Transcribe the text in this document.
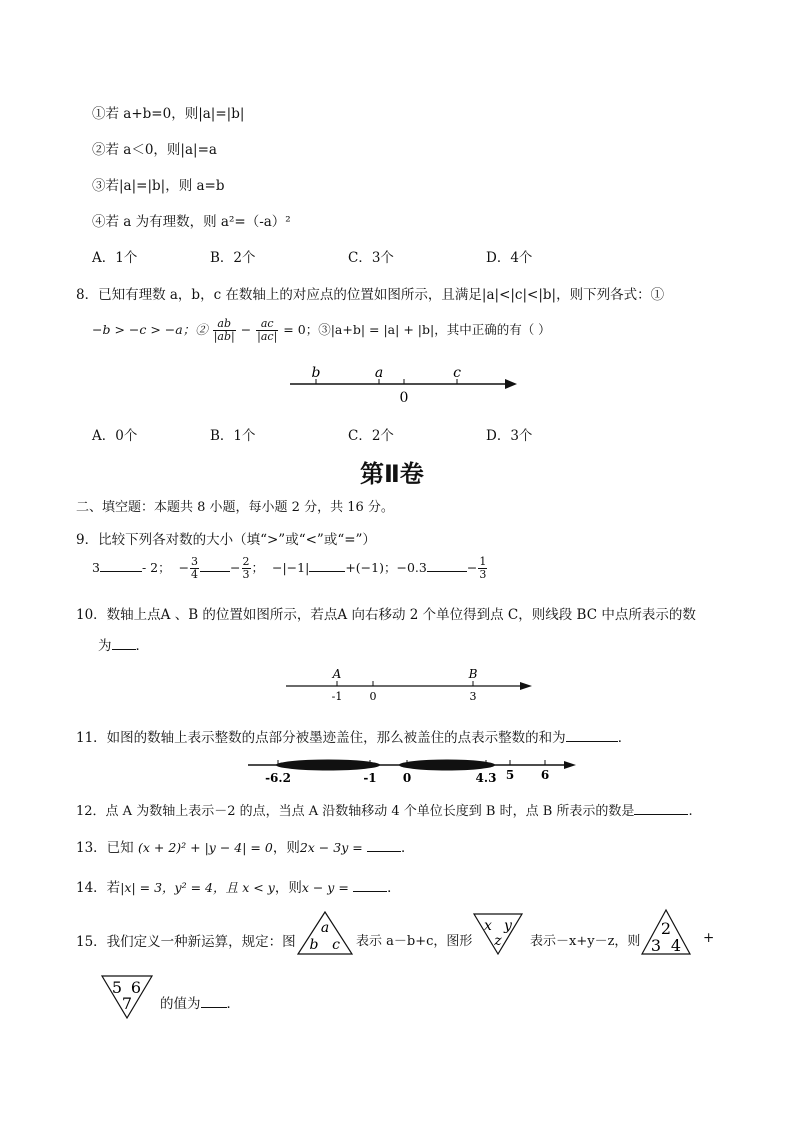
①若 a+b=0，则|a|=|b|
②若 a＜0，则|a|=a
③若|a|=|b|，则 a=b
④若 a 为有理数，则 a²=（-a）²
A．1个	B．2个	C．3个	D．4个
8．已知有理数 a，b，c 在数轴上的对应点的位置如图所示，且满足|a|<|c|<|b|，则下列各式：①
−b > −c > −a；② $\frac{ab}{|ab|} - \frac{ac}{|ac|} = 0$；③|a+b| = |a| + |b|，其中正确的有（ ）
b	a	c
0
A．0个	B．1个	C．2个	D．3个
第Ⅱ卷
二、填空题：本题共 8 小题，每小题 2 分，共 16 分。
9．比较下列各对数的大小（填“>”或“<”或“=”）
3	- 2； − $\frac{3}{4} - \frac{2}{3}$ ； −|−1|	+(−1)；−0.3	− $\frac{1}{3}$
10．数轴上点A 、B 的位置如图所示，若点A 向右移动 2 个单位得到点 C，则线段 BC 中点所表示的数
为 ．
A	B
-1 0	3
11．如图的数轴上表示整数的点部分被墨迹盖住，那么被盖住的点表示整数的和为	．
-6.2	-1 0	4.3 5 6
12．点 A 为数轴上表示－2 的点，当点 A 沿数轴移动 4 个单位长度到 B 时，点 B 所表示的数是	.
13．已知 (x + 2)² + |y − 4| = 0，则2x − 3y =	．
14．若|x| = 3，y² = 4，且 x < y，则x − y =	．
15．我们定义一种新运算，规定：图
a
b c 表示 a－b+c，图形
x y
z 表示－x+y－z，则
2
3 4 +
5 6
7 的值为 ．
